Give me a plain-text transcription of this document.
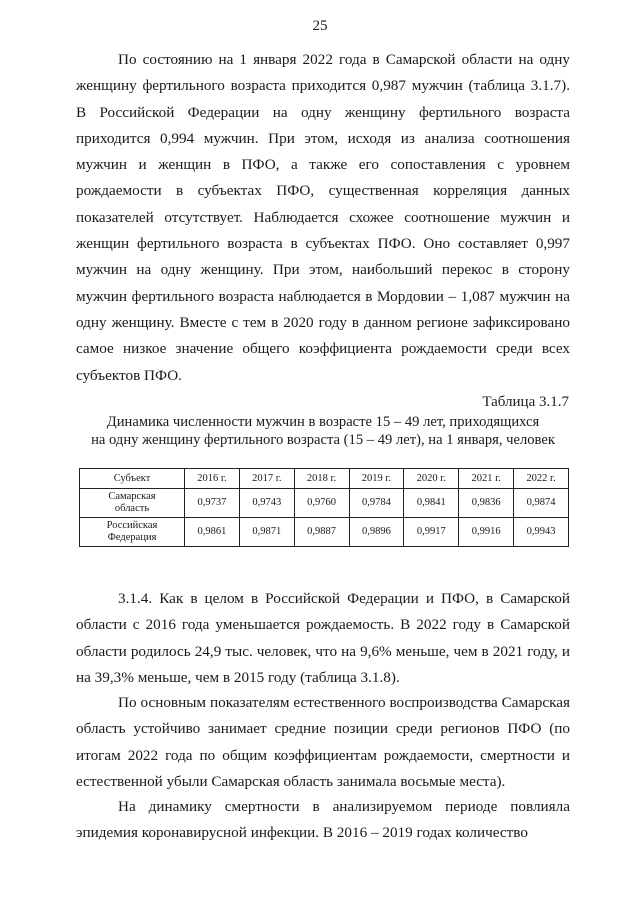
25

По состоянию на 1 января 2022 года в Самарской области на одну женщину фертильного возраста приходится 0,987 мужчин (таблица 3.1.7). В Российской Федерации на одну женщину фертильного возраста приходится 0,994 мужчин. При этом, исходя из анализа соотношения мужчин и женщин в ПФО, а также его сопоставления с уровнем рождаемости в субъектах ПФО, существенная корреляция данных показателей отсутствует. Наблюдается схожее соотношение мужчин и женщин фертильного возраста в субъектах ПФО. Оно составляет 0,997 мужчин на одну женщину. При этом, наибольший перекос в сторону мужчин фертильного возраста наблюдается в Мордовии – 1,087 мужчин на одну женщину. Вместе с тем в 2020 году в данном регионе зафиксировано самое низкое значение общего коэффициента рождаемости среди всех субъектов ПФО.

Таблица 3.1.7
Динамика численности мужчин в возрасте 15 – 49 лет, приходящихся
на одну женщину фертильного возраста (15 – 49 лет), на 1 января, человек
Субъект	2016 г.	2017 г.	2018 г.	2019 г.	2020 г.	2021 г.	2022 г.

Самарская
область	0,9737	0,9743	0,9760	0,9784	0,9841	0,9836	0,9874

Российская
Федерация	0,9861	0,9871	0,9887	0,9896	0,9917	0,9916	0,9943

3.1.4. Как в целом в Российской Федерации и ПФО, в Самарской области с 2016 года уменьшается рождаемость. В 2022 году в Самарской области родилось 24,9 тыс. человек, что на 9,6% меньше, чем в 2021 году, и на 39,3% меньше, чем в 2015 году (таблица 3.1.8).

По основным показателям естественного воспроизводства Самарская область устойчиво занимает средние позиции среди регионов ПФО (по итогам 2022 года по общим коэффициентам рождаемости, смертности и естественной убыли Самарская область занимала восьмые места).

На динамику смертности в анализируемом периоде повлияла эпидемия коронавирусной инфекции. В 2016 – 2019 годах количество
